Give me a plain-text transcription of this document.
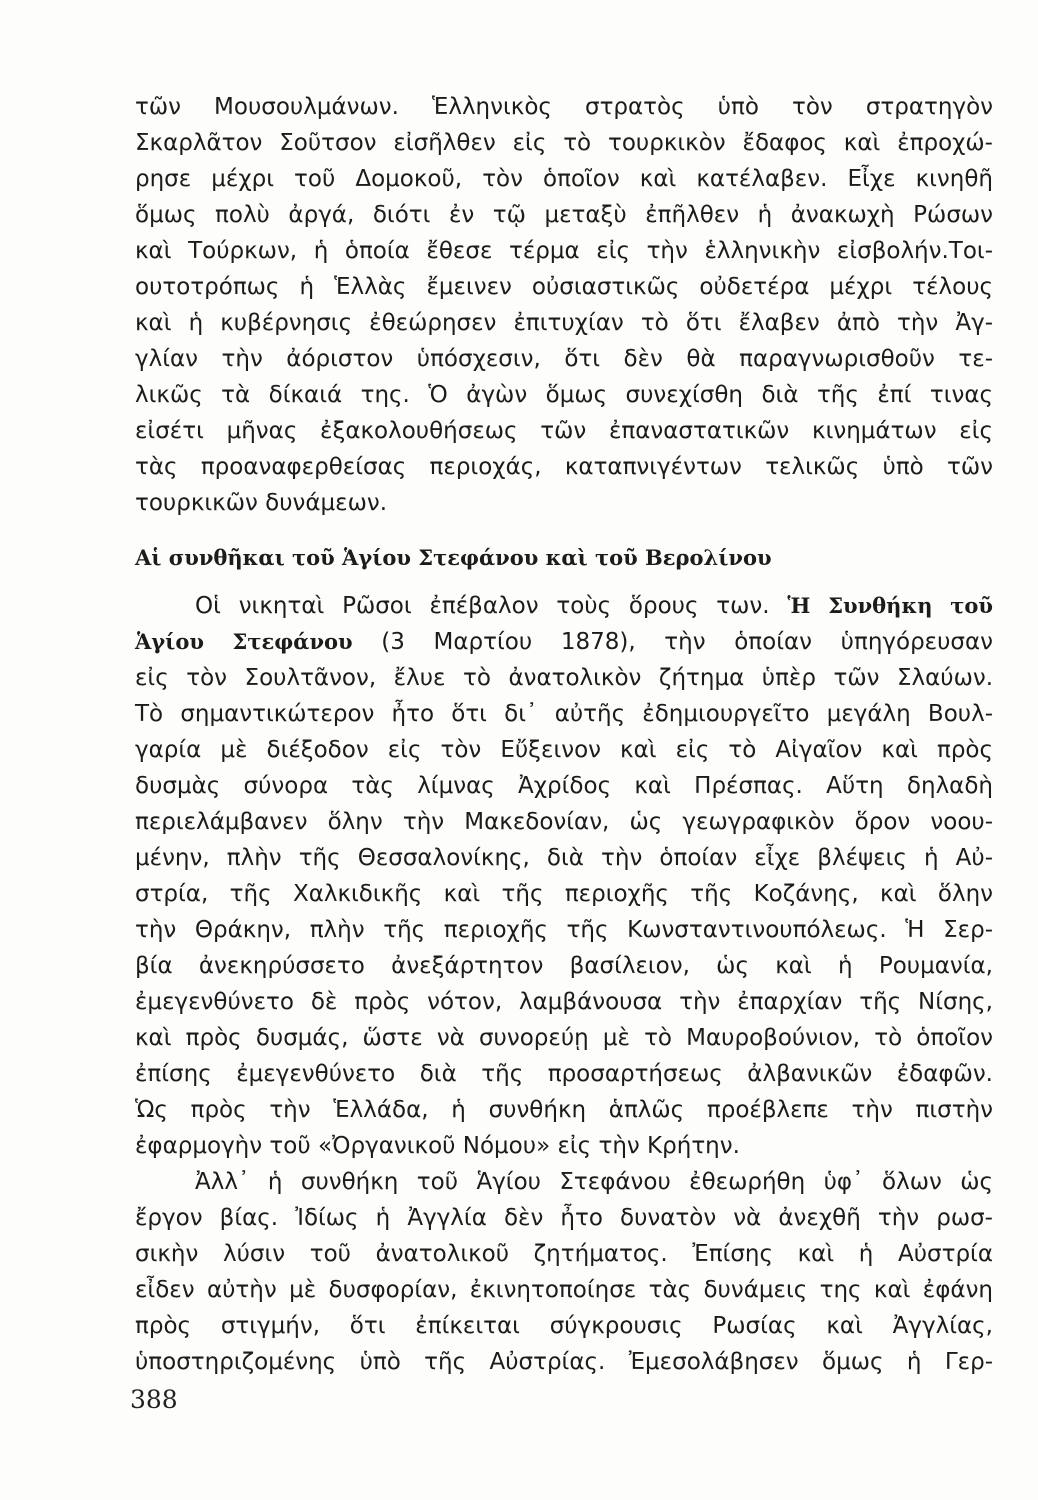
τῶν Μουσουλμάνων. Ἑλληνικὸς στρατὸς ὑπὸ τὸν στρατηγὸν
Σκαρλᾶτον Σοῦτσον εἰσῆλθεν εἰς τὸ τουρκικὸν ἔδαφος καὶ ἐπροχώ-
ρησε μέχρι τοῦ Δομοκοῦ, τὸν ὁποῖον καὶ κατέλαβεν. Εἶχε κινηθῆ
ὅμως πολὺ ἀργά, διότι ἐν τῷ μεταξὺ ἐπῆλθεν ἡ ἀνακωχὴ Ρώσων
καὶ Τούρκων, ἡ ὁποία ἔθεσε τέρμα εἰς τὴν ἑλληνικὴν εἰσβολήν.Τοι-
ουτοτρόπως ἡ Ἑλλὰς ἔμεινεν οὐσιαστικῶς οὐδετέρα μέχρι τέλους
καὶ ἡ κυβέρνησις ἐθεώρησεν ἐπιτυχίαν τὸ ὅτι ἔλαβεν ἀπὸ τὴν Ἀγ-
γλίαν τὴν ἀόριστον ὑπόσχεσιν, ὅτι δὲν θὰ παραγνωρισθοῦν τε-
λικῶς τὰ δίκαιά της. Ὁ ἀγὼν ὅμως συνεχίσθη διὰ τῆς ἐπί τινας
εἰσέτι μῆνας ἐξακολουθήσεως τῶν ἐπαναστατικῶν κινημάτων εἰς
τὰς προαναφερθείσας περιοχάς, καταπνιγέντων τελικῶς ὑπὸ τῶν
τουρκικῶν δυνάμεων.
Αἱ συνθῆκαι τοῦ Ἁγίου Στεφάνου καὶ τοῦ Βερολίνου
Οἱ νικηταὶ Ρῶσοι ἐπέβαλον τοὺς ὅρους των. Ἡ Συνθήκη τοῦ
Ἁγίου Στεφάνου (3 Μαρτίου 1878), τὴν ὁποίαν ὑπηγόρευσαν
εἰς τὸν Σουλτᾶνον, ἔλυε τὸ ἀνατολικὸν ζήτημα ὑπὲρ τῶν Σλαύων.
Τὸ σημαντικώτερον ἦτο ὅτι δι᾽ αὐτῆς ἐδημιουργεῖτο μεγάλη Βουλ-
γαρία μὲ διέξοδον εἰς τὸν Εὔξεινον καὶ εἰς τὸ Αἰγαῖον καὶ πρὸς
δυσμὰς σύνορα τὰς λίμνας Ἀχρίδος καὶ Πρέσπας. Αὕτη δηλαδὴ
περιελάμβανεν ὅλην τὴν Μακεδονίαν, ὡς γεωγραφικὸν ὅρον νοου-
μένην, πλὴν τῆς Θεσσαλονίκης, διὰ τὴν ὁποίαν εἶχε βλέψεις ἡ Αὐ-
στρία, τῆς Χαλκιδικῆς καὶ τῆς περιοχῆς τῆς Κοζάνης, καὶ ὅλην
τὴν Θράκην, πλὴν τῆς περιοχῆς τῆς Κωνσταντινουπόλεως. Ἡ Σερ-
βία ἀνεκηρύσσετο ἀνεξάρτητον βασίλειον, ὡς καὶ ἡ Ρουμανία,
ἐμεγενθύνετο δὲ πρὸς νότον, λαμβάνουσα τὴν ἐπαρχίαν τῆς Νίσης,
καὶ πρὸς δυσμάς, ὥστε νὰ συνορεύῃ μὲ τὸ Μαυροβούνιον, τὸ ὁποῖον
ἐπίσης ἐμεγενθύνετο διὰ τῆς προσαρτήσεως ἀλβανικῶν ἐδαφῶν.
Ὡς πρὸς τὴν Ἑλλάδα, ἡ συνθήκη ἁπλῶς προέβλεπε τὴν πιστὴν
ἐφαρμογὴν τοῦ «Ὀργανικοῦ Νόμου» εἰς τὴν Κρήτην.
Ἀλλ᾽ ἡ συνθήκη τοῦ Ἁγίου Στεφάνου ἐθεωρήθη ὑφ᾽ ὅλων ὡς
ἔργον βίας. Ἰδίως ἡ Ἀγγλία δὲν ἦτο δυνατὸν νὰ ἀνεχθῆ τὴν ρωσ-
σικὴν λύσιν τοῦ ἀνατολικοῦ ζητήματος. Ἐπίσης καὶ ἡ Αὐστρία
εἶδεν αὐτὴν μὲ δυσφορίαν, ἐκινητοποίησε τὰς δυνάμεις της καὶ ἐφάνη
πρὸς στιγμήν, ὅτι ἐπίκειται σύγκρουσις Ρωσίας καὶ Ἀγγλίας,
ὑποστηριζομένης ὑπὸ τῆς Αὐστρίας. Ἐμεσολάβησεν ὅμως ἡ Γερ-
388
